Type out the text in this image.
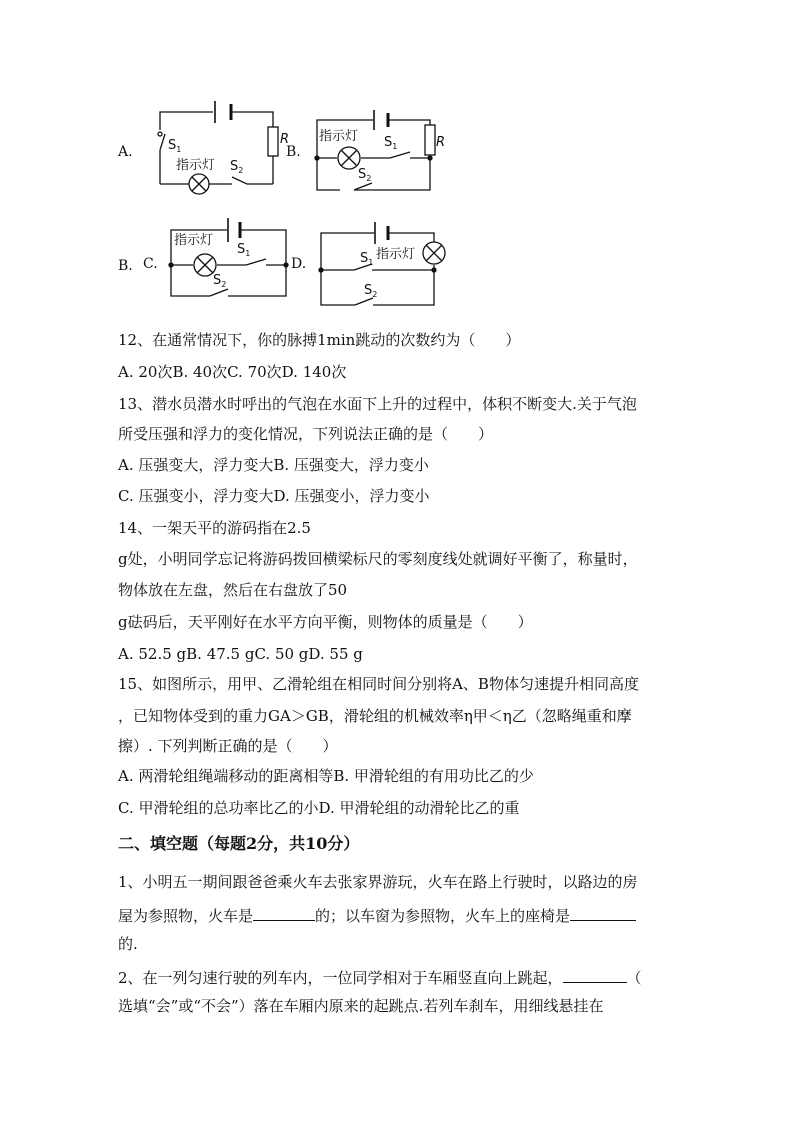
$S_1$
R
指示灯 $S_2$
指示灯 $S_1$	R
$S_2$
指示灯
$S_1$
$S_2$
$S_1$
指示灯
$S_2$
A.	B.
B. C.	D.
12、在通常情况下，你的脉搏1min跳动的次数约为（　　）
A. 20次B. 40次C. 70次D. 140次
13、潜水员潜水时呼出的气泡在水面下上升的过程中，体积不断变大.关于气泡
所受压强和浮力的变化情况，下列说法正确的是（　　）
A. 压强变大，浮力变大B. 压强变大，浮力变小
C. 压强变小，浮力变大D. 压强变小，浮力变小
14、一架天平的游码指在2.5
g处，小明同学忘记将游码拨回横梁标尺的零刻度线处就调好平衡了，称量时，
物体放在左盘，然后在右盘放了50
g砝码后，天平刚好在水平方向平衡，则物体的质量是（　　）
A. 52.5 gB. 47.5 gC. 50 gD. 55 g
15、如图所示，用甲、乙滑轮组在相同时间分别将A、B物体匀速提升相同高度
，已知物体受到的重力GA＞GB，滑轮组的机械效率η甲＜η乙（忽略绳重和摩
擦）. 下列判断正确的是（　　）
A. 两滑轮组绳端移动的距离相等B. 甲滑轮组的有用功比乙的少
C. 甲滑轮组的总功率比乙的小D. 甲滑轮组的动滑轮比乙的重
二、填空题（每题2分，共10分）
1、小明五一期间跟爸爸乘火车去张家界游玩，火车在路上行驶时，以路边的房
屋为参照物，火车是	的；以车窗为参照物，火车上的座椅是
的.
2、在一列匀速行驶的列车内，一位同学相对于车厢竖直向上跳起，	（
选填“会”或“不会”）落在车厢内原来的起跳点.若列车刹车，用细线悬挂在
